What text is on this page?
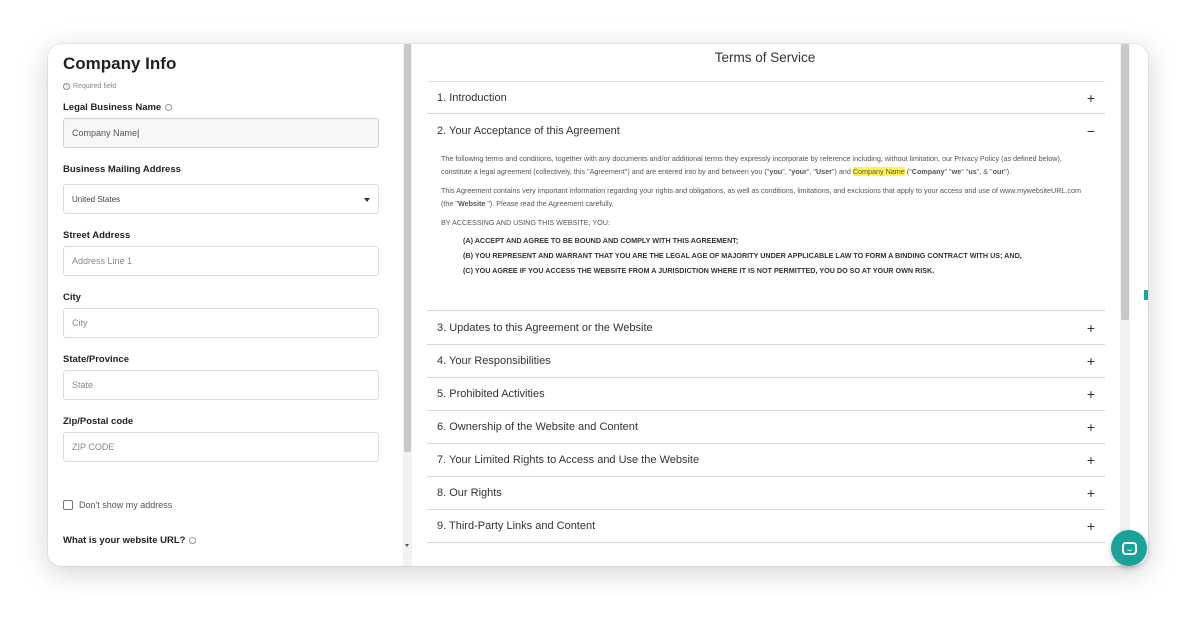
Company Info
! Required field
Legal Business Name
Company Name |
Business Mailing Address
United States
Street Address
Address Line 1
City
City
State/Province
State
Zip/Postal code
ZIP CODE
Don't show my address
What is your website URL?
Terms of Service
1. Introduction	+
2. Your Acceptance of this Agreement	−

The following terms and conditions, together with any documents and/or additional terms they expressly incorporate by reference including, without limitation, our Privacy Policy (as defined below), constitute a legal agreement (collectively, this "Agreement") and are entered into by and between you ("you", "your", "User") and Company Name ("Company" "we" "us", & "our").

This Agreement contains very important information regarding your rights and obligations, as well as conditions, limitations, and exclusions that apply to your access and use of www.mywebsiteURL.com (the "Website "). Please read the Agreement carefully.

BY ACCESSING AND USING THIS WEBSITE, YOU:

(A) ACCEPT AND AGREE TO BE BOUND AND COMPLY WITH THIS AGREEMENT;
(B) YOU REPRESENT AND WARRANT THAT YOU ARE THE LEGAL AGE OF MAJORITY UNDER APPLICABLE LAW TO FORM A BINDING CONTRACT WITH US; AND,
(C) YOU AGREE IF YOU ACCESS THE WEBSITE FROM A JURISDICTION WHERE IT IS NOT PERMITTED, YOU DO SO AT YOUR OWN RISK.
3. Updates to this Agreement or the Website	+
4. Your Responsibilities	+
5. Prohibited Activities	+
6. Ownership of the Website and Content	+
7. Your Limited Rights to Access and Use the Website	+
8. Our Rights	+
9. Third-Party Links and Content	+
